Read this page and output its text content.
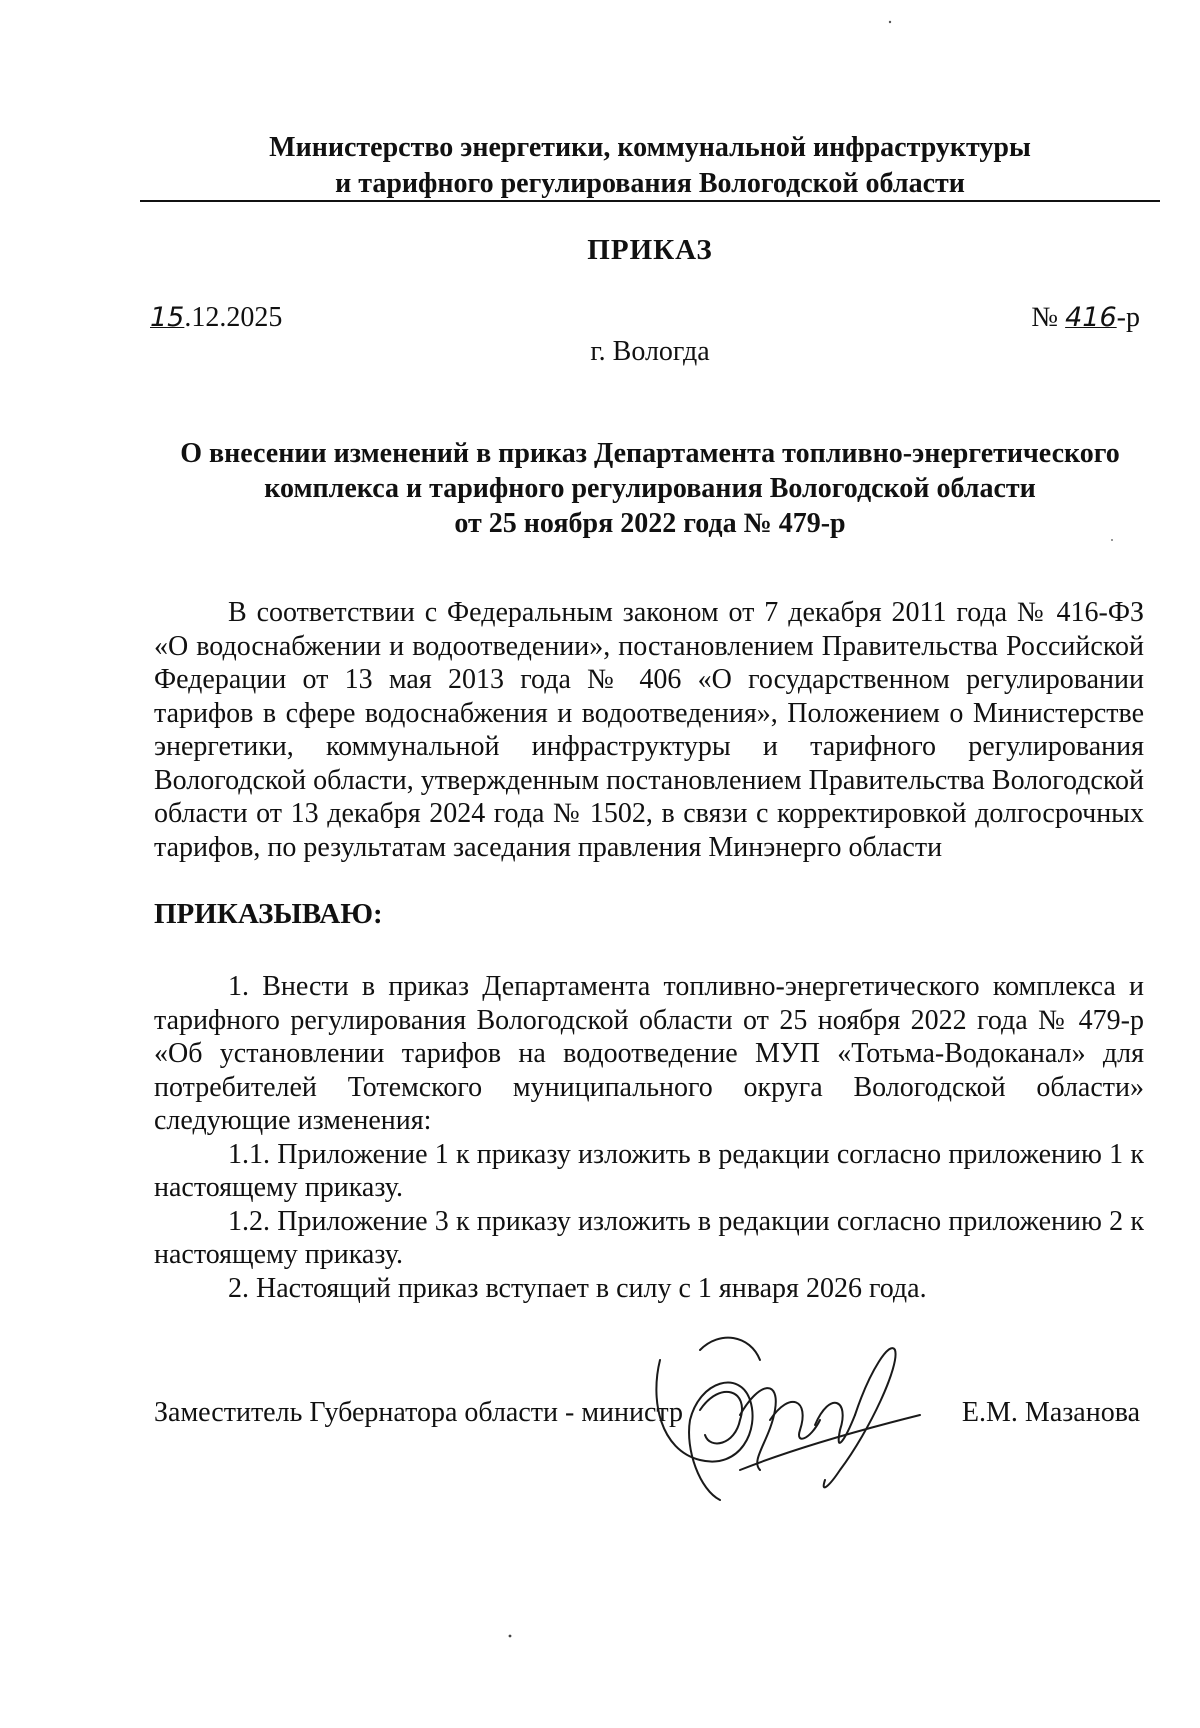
Министерство энергетики, коммунальной инфраструктуры
и тарифного регулирования Вологодской области
ПРИКАЗ
15.12.2025	№ 416-р
г. Вологда
О внесении изменений в приказ Департамента топливно-энергетического
комплекса и тарифного регулирования Вологодской области
от 25 ноября 2022 года № 479-р
В соответствии с Федеральным законом от 7 декабря 2011 года № 416-ФЗ «О водоснабжении и водоотведении», постановлением Правительства Российской Федерации от 13 мая 2013 года № 406 «О государственном регулировании тарифов в сфере водоснабжения и водоотведения», Положением о Министерстве энергетики, коммунальной инфраструктуры и тарифного регулирования Вологодской области, утвержденным постановлением Правительства Вологодской области от 13 декабря 2024 года № 1502, в связи с корректировкой долгосрочных тарифов, по результатам заседания правления Минэнерго области
ПРИКАЗЫВАЮ:

1. Внести в приказ Департамента топливно-энергетического комплекса и тарифного регулирования Вологодской области от 25 ноября 2022 года № 479-р «Об установлении тарифов на водоотведение МУП «Тотьма-Водоканал» для потребителей Тотемского муниципального округа Вологодской области» следующие изменения:

1.1. Приложение 1 к приказу изложить в редакции согласно приложению 1 к настоящему приказу.

1.2. Приложение 3 к приказу изложить в редакции согласно приложению 2 к настоящему приказу.

2. Настоящий приказ вступает в силу с 1 января 2026 года.

Заместитель Губернатора области - министр	Е.М. Мазанова
